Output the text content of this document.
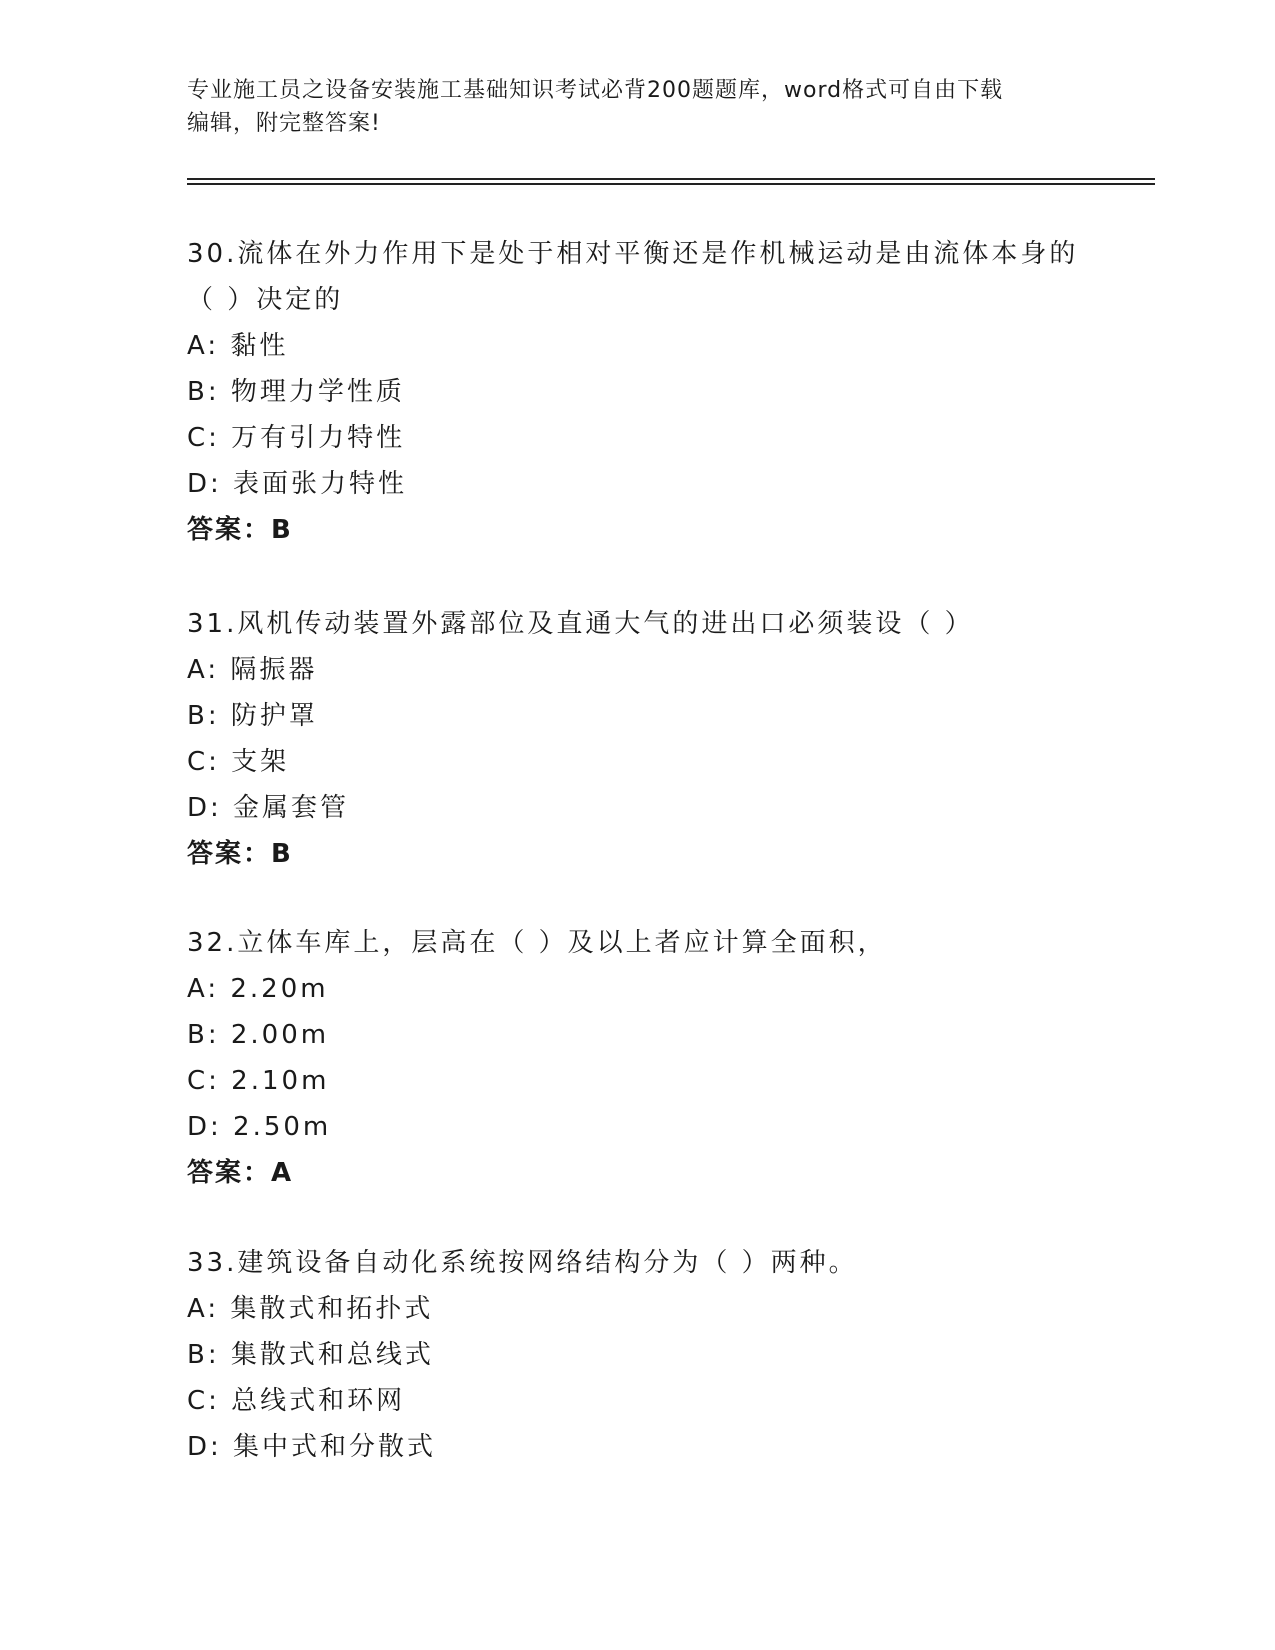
专业施工员之设备安装施工基础知识考试必背200题题库，word格式可自由下载
编辑，附完整答案!
30.流体在外力作用下是处于相对平衡还是作机械运动是由流体本身的
（ ）决定的
A: 黏性
B: 物理力学性质
C: 万有引力特性
D: 表面张力特性
答案：B
31.风机传动装置外露部位及直通大气的进出口必须装设（ ）
A: 隔振器
B: 防护罩
C: 支架
D: 金属套管
答案：B
32.立体车库上，层高在（ ）及以上者应计算全面积，
A: 2.20m
B: 2.00m
C: 2.10m
D: 2.50m
答案：A
33.建筑设备自动化系统按网络结构分为（ ）两种。
A: 集散式和拓扑式
B: 集散式和总线式
C: 总线式和环网
D: 集中式和分散式
